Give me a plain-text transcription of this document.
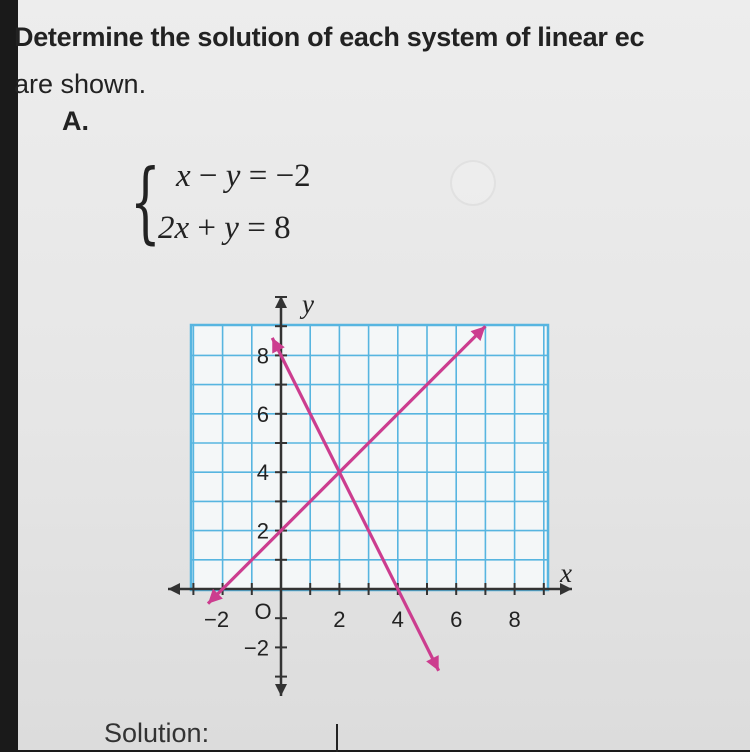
Determine the solution of each system of linear ec
are shown.
A.
{ x − y = −2
2x + y = 8
−2	2 4 6 8
8
6
4
2
−2
O
x
y
Solution:
